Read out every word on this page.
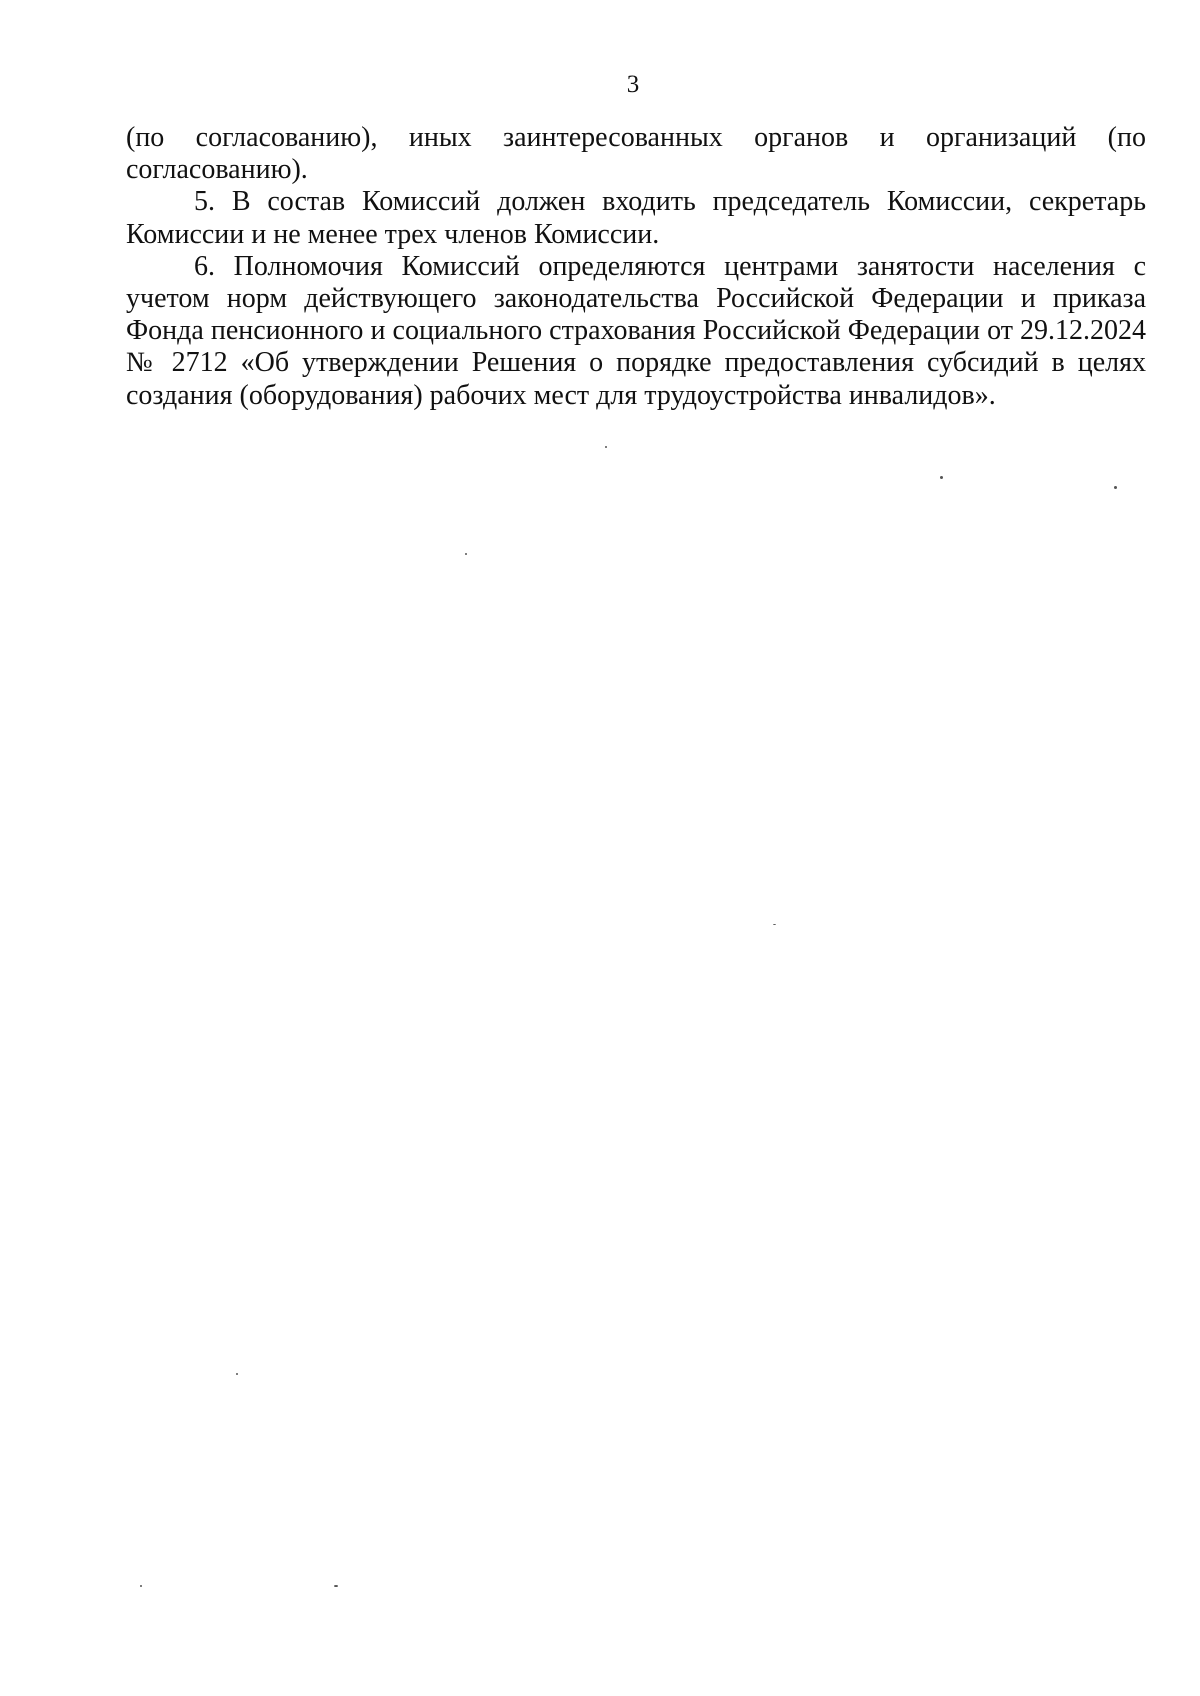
3

(по согласованию), иных заинтересованных органов и организаций (по согласованию).

5. В состав Комиссий должен входить председатель Комиссии, секретарь Комиссии и не менее трех членов Комиссии.

6. Полномочия Комиссий определяются центрами занятости населения с учетом норм действующего законодательства Российской Федерации и приказа Фонда пенсионного и социального страхования Российской Федерации от 29.12.2024 № 2712 «Об утверждении Решения о порядке предоставления субсидий в целях создания (оборудования) рабочих мест для трудоустройства инвалидов».
